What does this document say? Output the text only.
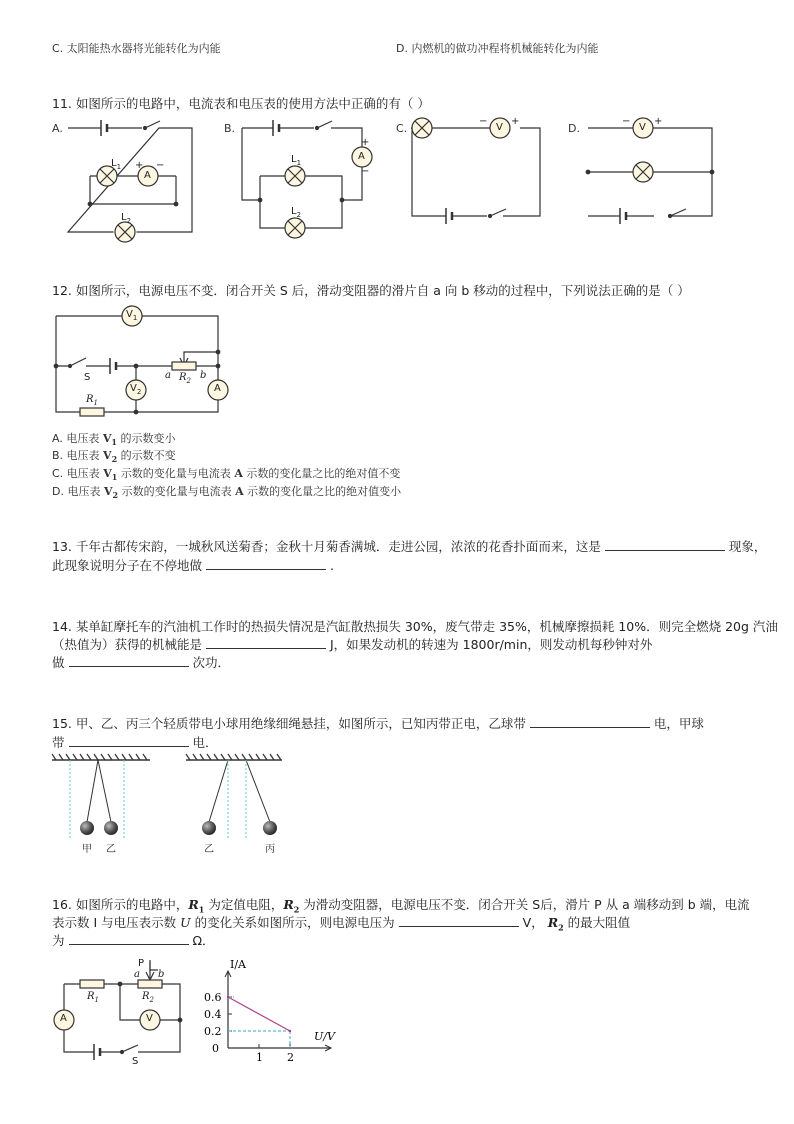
C. 太阳能热水器将光能转化为内能	D. 内燃机的做功冲程将机械能转化为内能
11. 如图所示的电路中，电流表和电压表的使用方法中正确的有（ ）
A.	B.	C.	D.
I/A
U/V
0
0.2
0.4
0.6
1 2
$L_1$
$L_2$
A
+ −
$L_1$
$L_2$
A
+
−
V
− +
V
− +
12. 如图所示，电源电压不变．闭合开关 S 后，滑动变阻器的滑片自 a 向 b 移动的过程中，下列说法正确的是（ ）
$V_1$
$V_2$	A
S	a	b
$R_2$
$R_1$
A. 电压表 $V_1$ 的示数变小
B. 电压表 $V_2$ 的示数不变
C. 电压表 $V_1$ 示数的变化量与电流表 A 示数的变化量之比的绝对值不变
D. 电压表 $V_2$ 示数的变化量与电流表 A 示数的变化量之比的绝对值变小
13. 千年古都传宋韵，一城秋风送菊香；金秋十月菊香满城．走进公园，浓浓的花香扑面而来，这是	现象，
此现象说明分子在不停地做	.
14. 某单缸摩托车的汽油机工作时的热损失情况是汽缸散热损失 30%，废气带走 35%，机械摩擦损耗 10%．则完全燃烧 20g 汽油
（热值为）获得的机械能是	J，如果发动机的转速为 1800r/min，则发动机每秒钟对外
做	次功．
15. 甲、乙、丙三个轻质带电小球用绝缘细绳悬挂，如图所示，已知丙带正电，乙球带	电，甲球
带	电．
甲 乙	乙	丙
16. 如图所示的电路中，$R_1$ 为定值电阻，$R_2$ 为滑动变阻器，电源电压不变．闭合开关 S后，滑片 P 从 a 端移动到 b 端，电流
表示数 I 与电压表示数 U 的变化关系如图所示，则电源电压为	V， $R_2$ 的最大阻值
为	Ω．
P
a b
$R_1$	$R_2$
A	V
S
